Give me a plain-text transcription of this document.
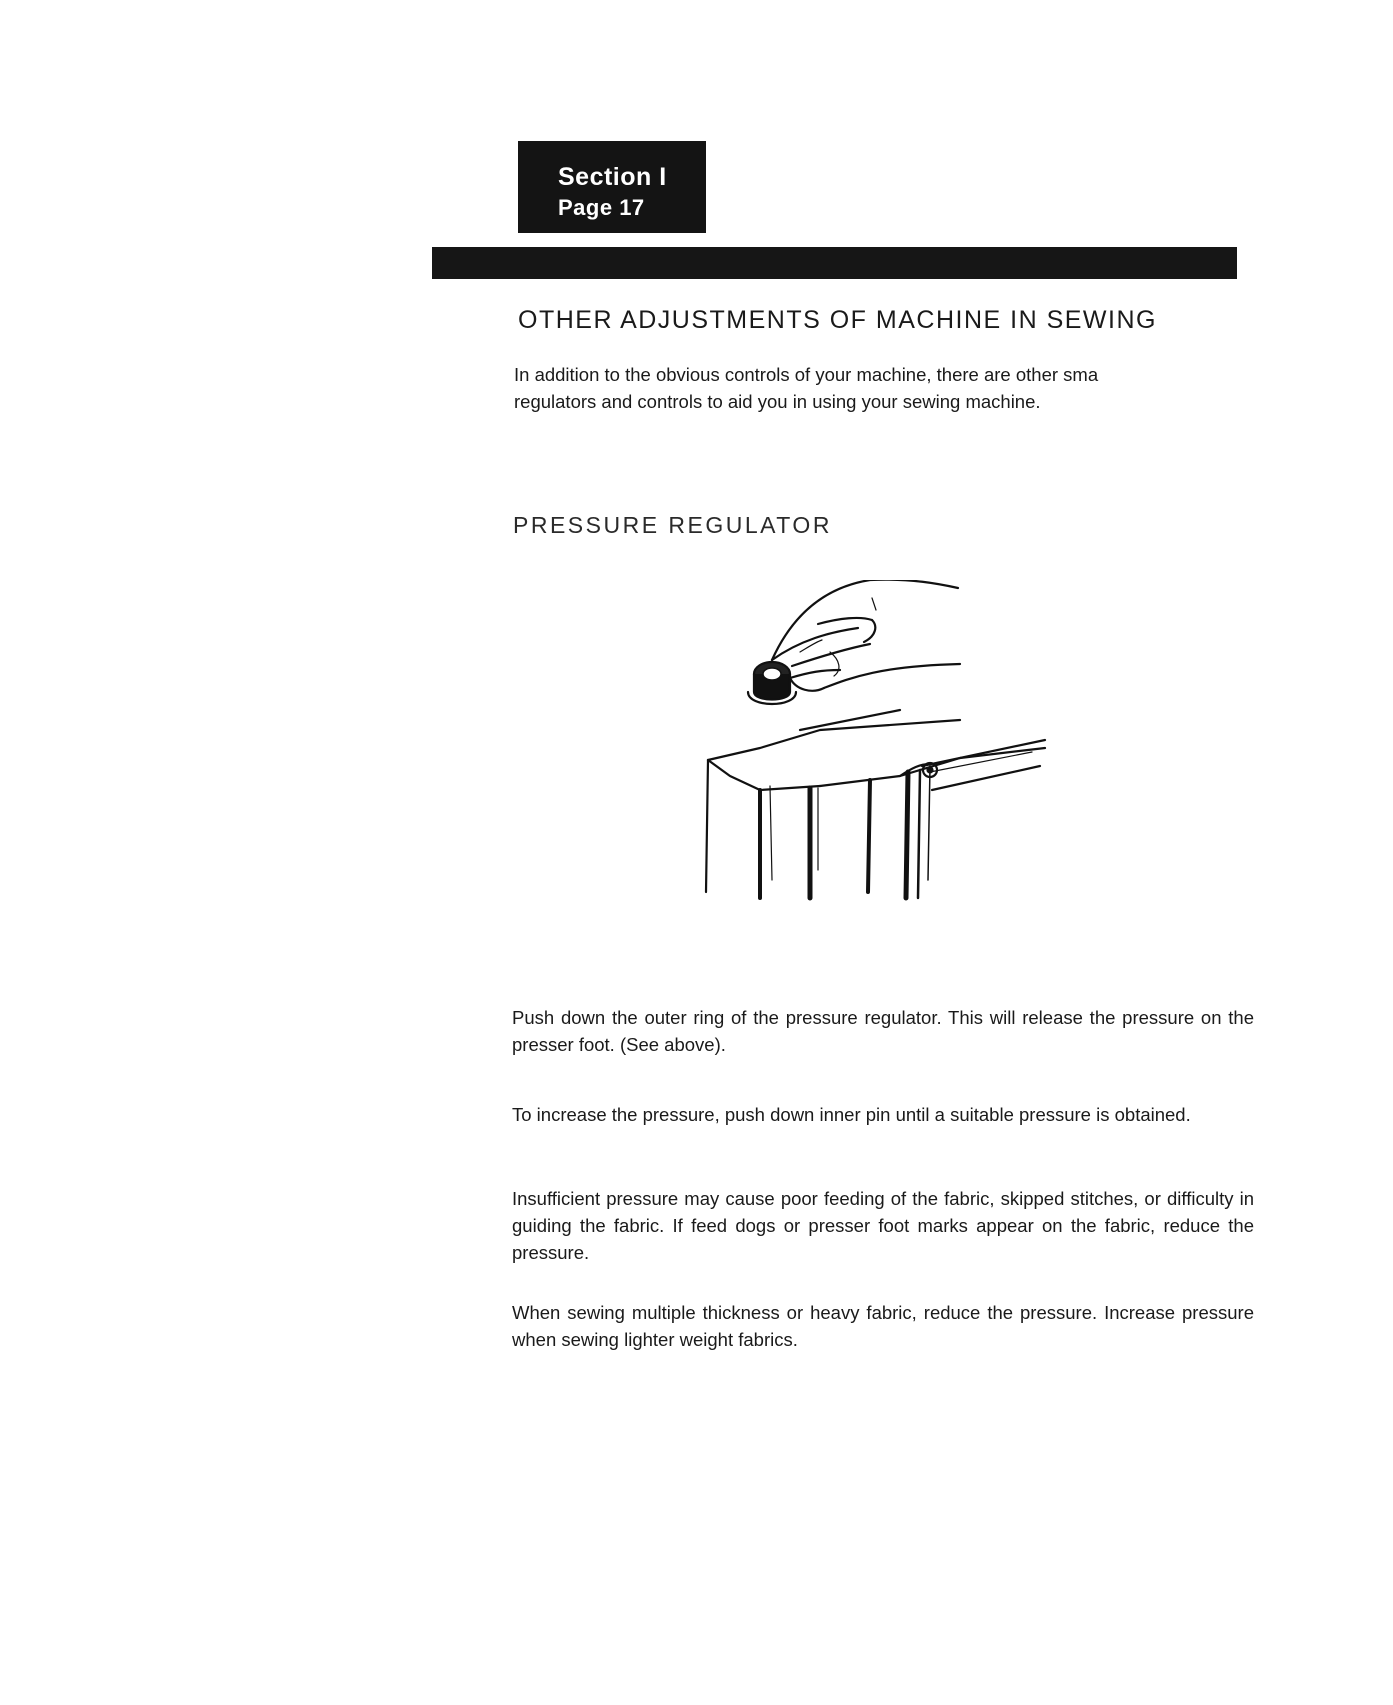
Section I
Page 17
OTHER ADJUSTMENTS OF MACHINE IN SEWING

In addition to the obvious controls of your machine, there are other sma
regulators and controls to aid you in using your sewing machine.

PRESSURE REGULATOR

Push down the outer ring of the pressure regulator. This will release the pressure on the presser foot. (See above).

To increase the pressure, push down inner pin until a suitable pressure is obtained.

Insufficient pressure may cause poor feeding of the fabric, skipped stitches, or difficulty in guiding the fabric. If feed dogs or presser foot marks appear on the fabric, reduce the pressure.

When sewing multiple thickness or heavy fabric, reduce the pressure. Increase pressure when sewing lighter weight fabrics.
